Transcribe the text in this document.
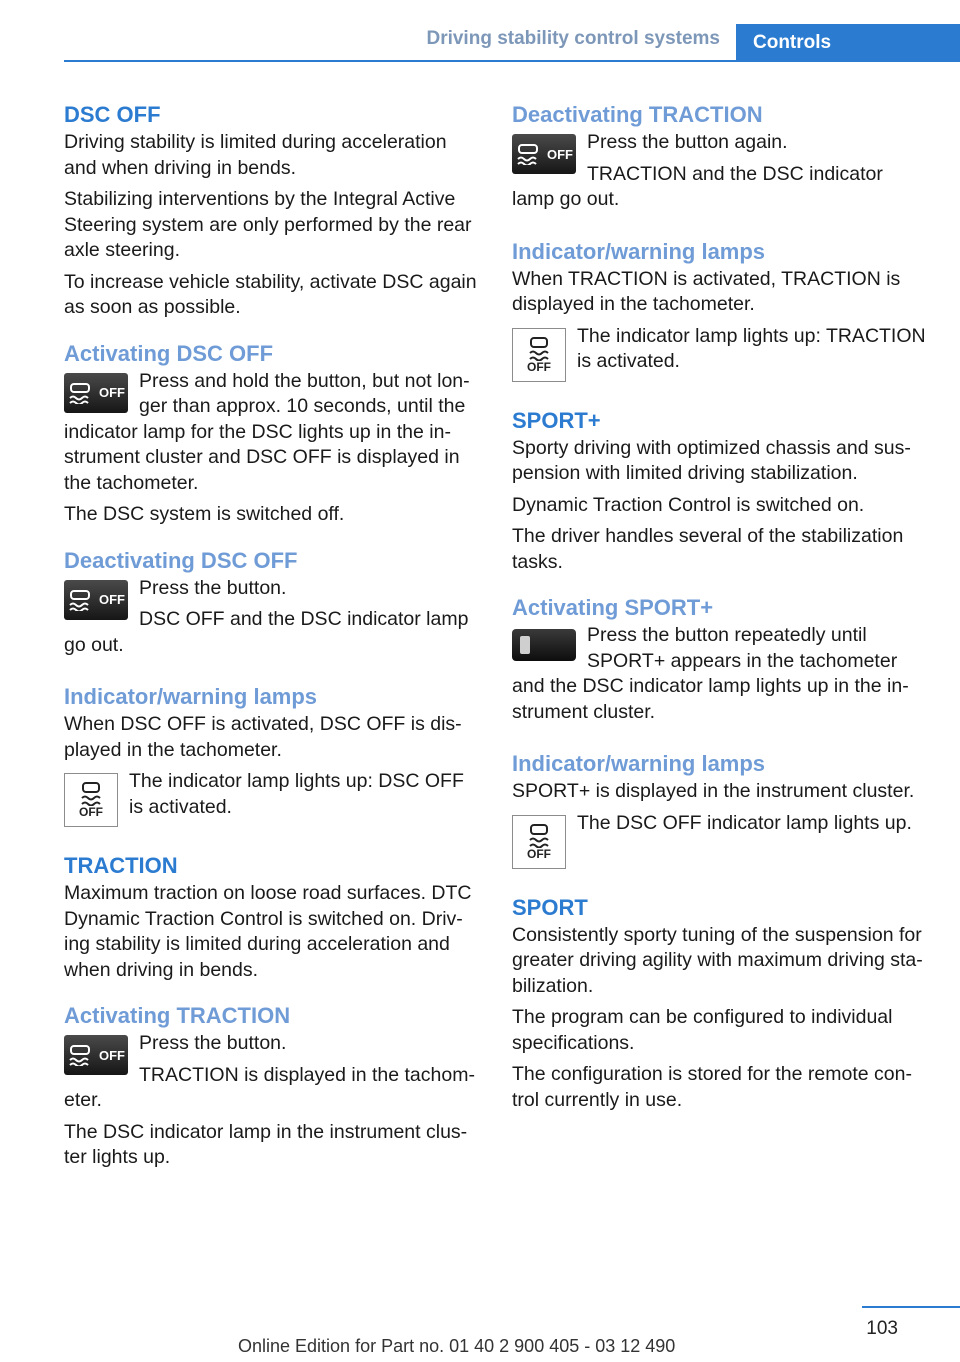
Driving stability control systems	Controls
DSC OFF

Driving stability is limited during acceleration and when driving in bends.

Stabilizing interventions by the Integral Active Steering system are only performed by the rear axle steering.

To increase vehicle stability, activate DSC again as soon as possible.

Activating DSC OFF
OFF

Press and hold the button, but not longer than approx. 10 seconds, until the indicator lamp for the DSC lights up in the instrument cluster and DSC OFF is displayed in the tachometer.

The DSC system is switched off.

Deactivating DSC OFF
OFF

Press the button.

DSC OFF and the DSC indicator lamp go out.

Indicator/warning lamps

When DSC OFF is activated, DSC OFF is displayed in the tachometer.

OFF

The indicator lamp lights up: DSC OFF is activated.

TRACTION

Maximum traction on loose road surfaces. DTC Dynamic Traction Control is switched on. Driving stability is limited during acceleration and when driving in bends.

Activating TRACTION
OFF

Press the button.

TRACTION is displayed in the tachometer.

The DSC indicator lamp in the instrument cluster lights up.

Deactivating TRACTION
OFF

Press the button again.

TRACTION and the DSC indicator lamp go out.

Indicator/warning lamps

When TRACTION is activated, TRACTION is displayed in the tachometer.

OFF

The indicator lamp lights up: TRACTION is activated.

SPORT+

Sporty driving with optimized chassis and suspension with limited driving stabilization.

Dynamic Traction Control is switched on.

The driver handles several of the stabilization tasks.

Activating SPORT+

Press the button repeatedly until SPORT+ appears in the tachometer and the DSC indicator lamp lights up in the instrument cluster.

Indicator/warning lamps

SPORT+ is displayed in the instrument cluster.

OFF

The DSC OFF indicator lamp lights up.

SPORT

Consistently sporty tuning of the suspension for greater driving agility with maximum driving stabilization.

The program can be configured to individual specifications.

The configuration is stored for the remote control currently in use.

103
Online Edition for Part no. 01 40 2 900 405 - 03 12 490
